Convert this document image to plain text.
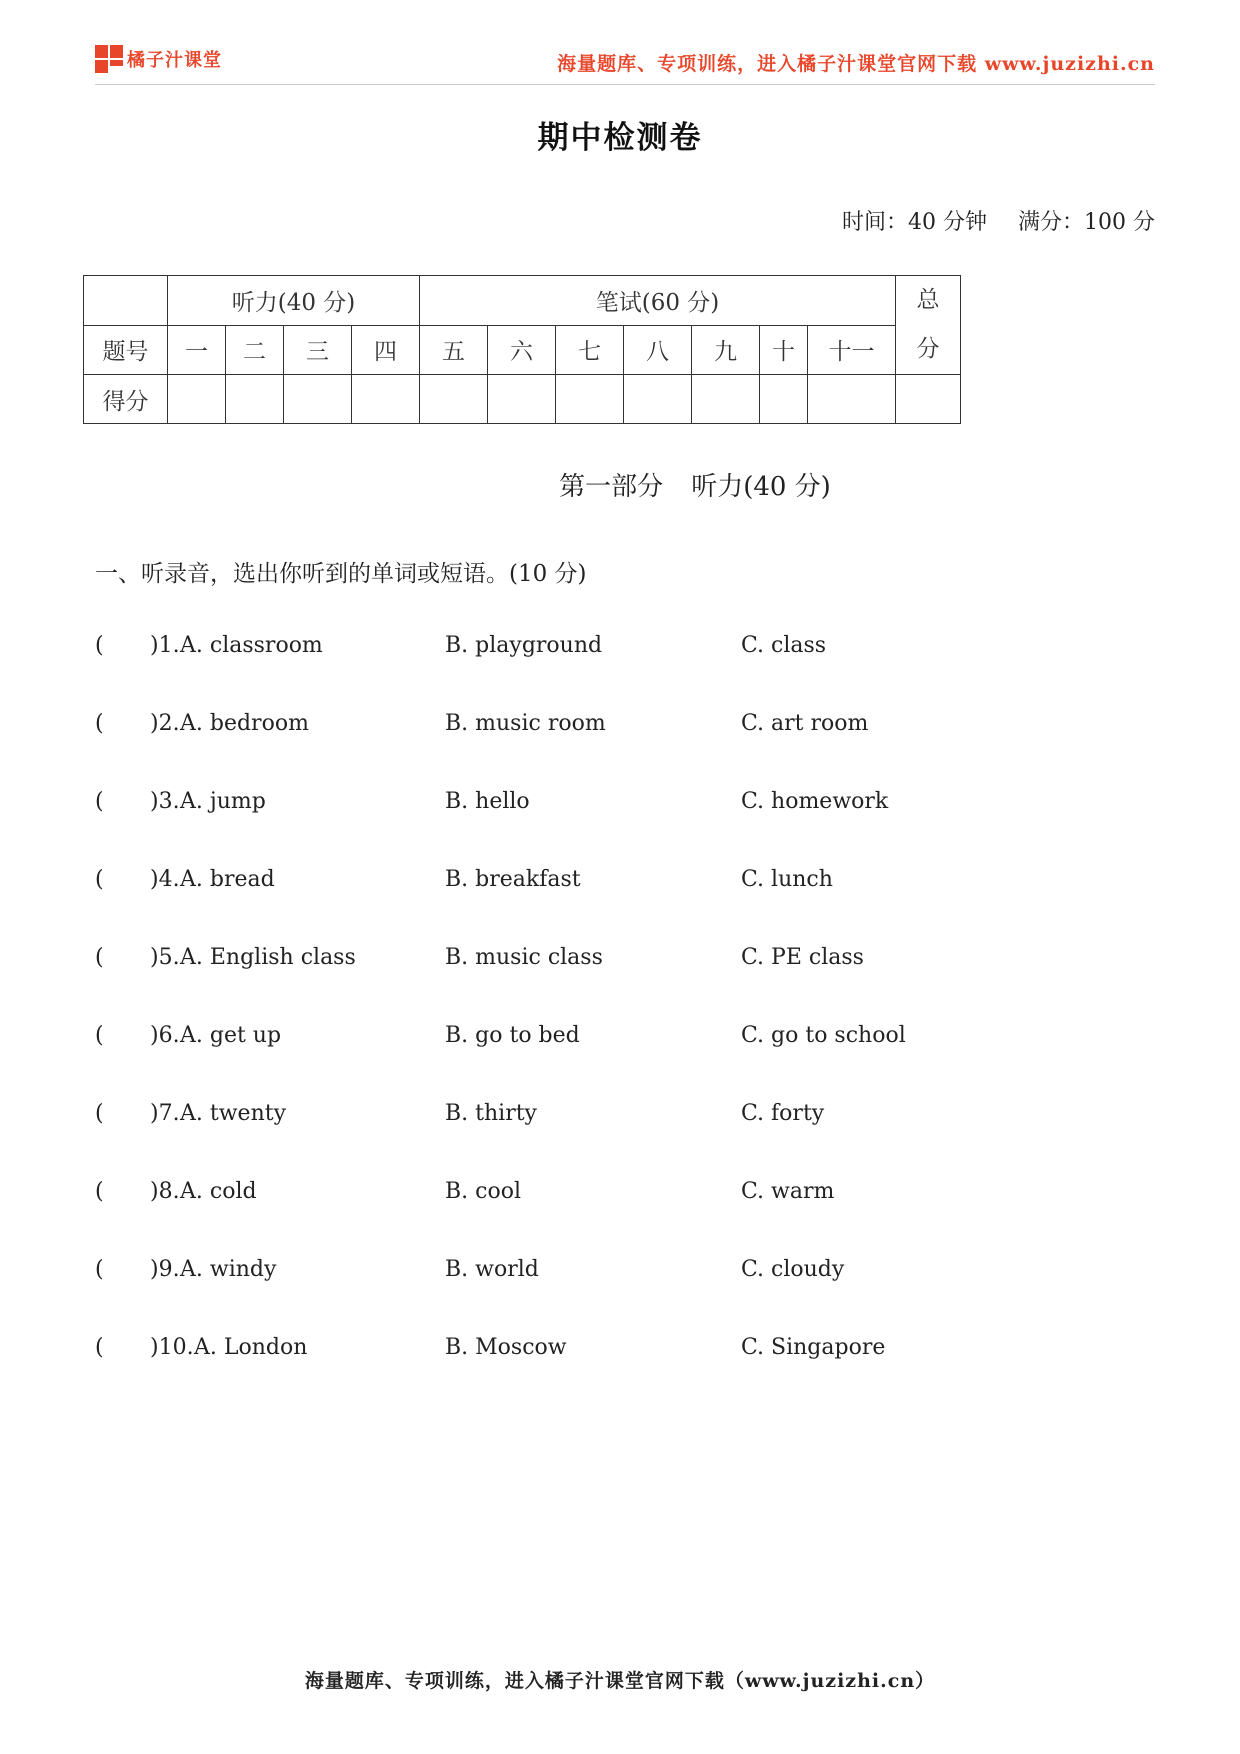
橘子汁课堂	海量题库、专项训练，进入橘子汁课堂官网下载 www.juzizhi.cn
期中检测卷
时间：40 分钟 满分：100 分
	听力(40 分)				笔试(60 分)							总
分

题号	一	二	三	四	五	六	七	八	九	十	十一	
得分												
第一部分 听力(40 分)
一、听录音，选出你听到的单词或短语。(10 分)
( )1. A. classroom	B. playground	C. class
( )2. A. bedroom	B. music room	C. art room
( )3. A. jump	B. hello	C. homework
( )4. A. bread	B. breakfast	C. lunch
( )5. A. English class	B. music class	C. PE class
( )6. A. get up	B. go to bed	C. go to school
( )7. A. twenty	B. thirty	C. forty
( )8. A. cold	B. cool	C. warm
( )9. A. windy	B. world	C. cloudy
( )10. A. London	B. Moscow	C. Singapore
海量题库、专项训练，进入橘子汁课堂官网下载（www.juzizhi.cn）
